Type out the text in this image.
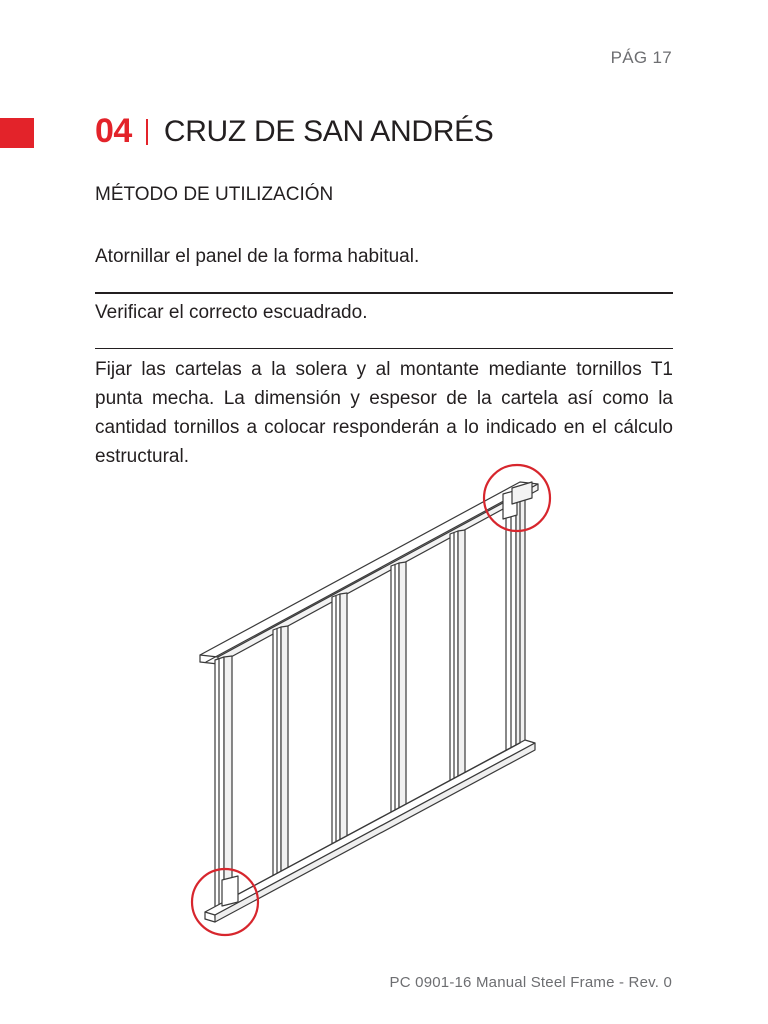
PÁG 17
04 CRUZ DE SAN ANDRÉS
MÉTODO DE UTILIZACIÓN
Atornillar el panel de la forma habitual.
Verificar el correcto escuadrado.
Fijar las cartelas a la solera y al montante mediante tornillos T1 punta mecha. La dimensión y espesor de la cartela así como la cantidad tornillos a colocar responderán a lo indicado en el cálculo estructural.
PC 0901-16 Manual Steel Frame - Rev. 0
